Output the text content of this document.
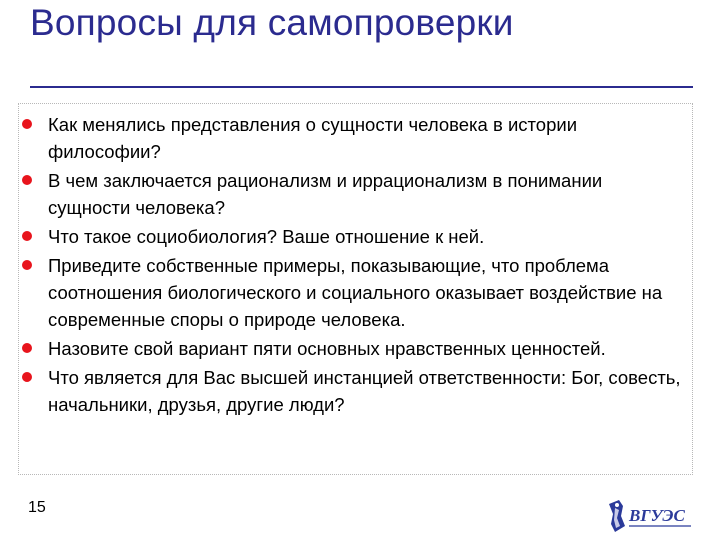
Вопросы для самопроверки
Как менялись представления о сущности человека в истории философии?
В чем заключается рационализм и иррационализм в понимании сущности человека?
Что такое социобиология? Ваше отношение к ней.
Приведите собственные примеры, показывающие, что проблема соотношения биологического и социального оказывает воздействие на современные споры о природе человека.
Назовите свой вариант пяти основных нравственных ценностей.
Что является для Вас высшей инстанцией ответственности: Бог, совесть, начальники, друзья, другие люди?
15	ВГУЭС
